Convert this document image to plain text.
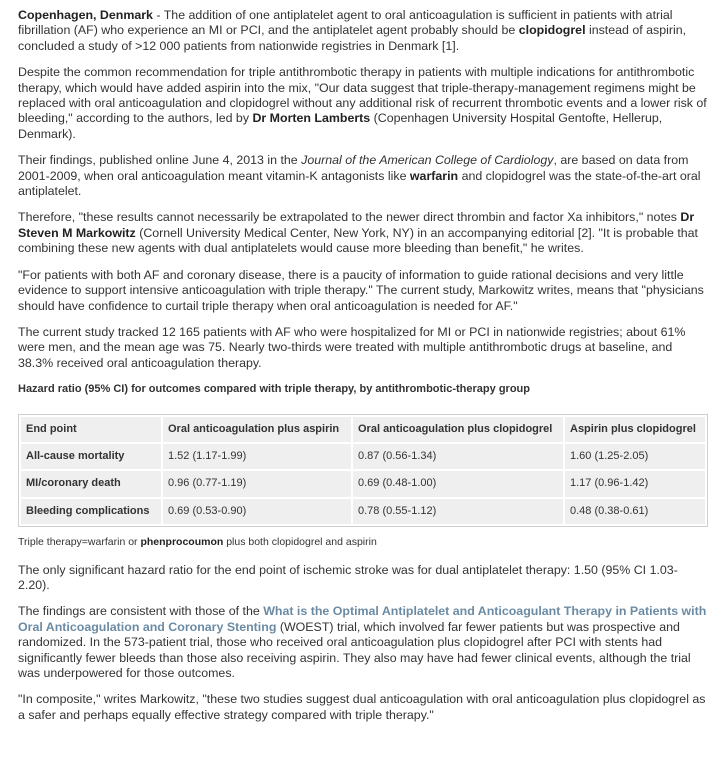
Copenhagen, Denmark - The addition of one antiplatelet agent to oral anticoagulation is sufficient in patients with atrial fibrillation (AF) who experience an MI or PCI, and the antiplatelet agent probably should be clopidogrel instead of aspirin, concluded a study of >12 000 patients from nationwide registries in Denmark [1].

Despite the common recommendation for triple antithrombotic therapy in patients with multiple indications for antithrombotic therapy, which would have added aspirin into the mix, "Our data suggest that triple-therapy-management regimens might be replaced with oral anticoagulation and clopidogrel without any additional risk of recurrent thrombotic events and a lower risk of bleeding," according to the authors, led by Dr Morten Lamberts (Copenhagen University Hospital Gentofte, Hellerup, Denmark).

Their findings, published online June 4, 2013 in the Journal of the American College of Cardiology, are based on data from 2001-2009, when oral anticoagulation meant vitamin-K antagonists like warfarin and clopidogrel was the state-of-the-art oral antiplatelet.

Therefore, "these results cannot necessarily be extrapolated to the newer direct thrombin and factor Xa inhibitors," notes Dr Steven M Markowitz (Cornell University Medical Center, New York, NY) in an accompanying editorial [2]. "It is probable that combining these new agents with dual antiplatelets would cause more bleeding than benefit," he writes.

"For patients with both AF and coronary disease, there is a paucity of information to guide rational decisions and very little evidence to support intensive anticoagulation with triple therapy." The current study, Markowitz writes, means that "physicians should have confidence to curtail triple therapy when oral anticoagulation is needed for AF."

The current study tracked 12 165 patients with AF who were hospitalized for MI or PCI in nationwide registries; about 61% were men, and the mean age was 75. Nearly two-thirds were treated with multiple antithrombotic drugs at baseline, and 38.3% received oral anticoagulation therapy.

Hazard ratio (95% CI) for outcomes compared with triple therapy, by antithrombotic-therapy group
End point	Oral anticoagulation plus aspirin	Oral anticoagulation plus clopidogrel	Aspirin plus clopidogrel
All-cause mortality	1.52 (1.17-1.99)	0.87 (0.56-1.34)	1.60 (1.25-2.05)
MI/coronary death	0.96 (0.77-1.19)	0.69 (0.48-1.00)	1.17 (0.96-1.42)
Bleeding complications	0.69 (0.53-0.90)	0.78 (0.55-1.12)	0.48 (0.38-0.61)

Triple therapy=warfarin or phenprocoumon plus both clopidogrel and aspirin

The only significant hazard ratio for the end point of ischemic stroke was for dual antiplatelet therapy: 1.50 (95% CI 1.03-2.20).

The findings are consistent with those of the What is the Optimal Antiplatelet and Anticoagulant Therapy in Patients with Oral Anticoagulation and Coronary Stenting (WOEST) trial, which involved far fewer patients but was prospective and randomized. In the 573-patient trial, those who received oral anticoagulation plus clopidogrel after PCI with stents had significantly fewer bleeds than those also receiving aspirin. They also may have had fewer clinical events, although the trial was underpowered for those outcomes.

"In composite," writes Markowitz, "these two studies suggest dual anticoagulation with oral anticoagulation plus clopidogrel as a safer and perhaps equally effective strategy compared with triple therapy."
